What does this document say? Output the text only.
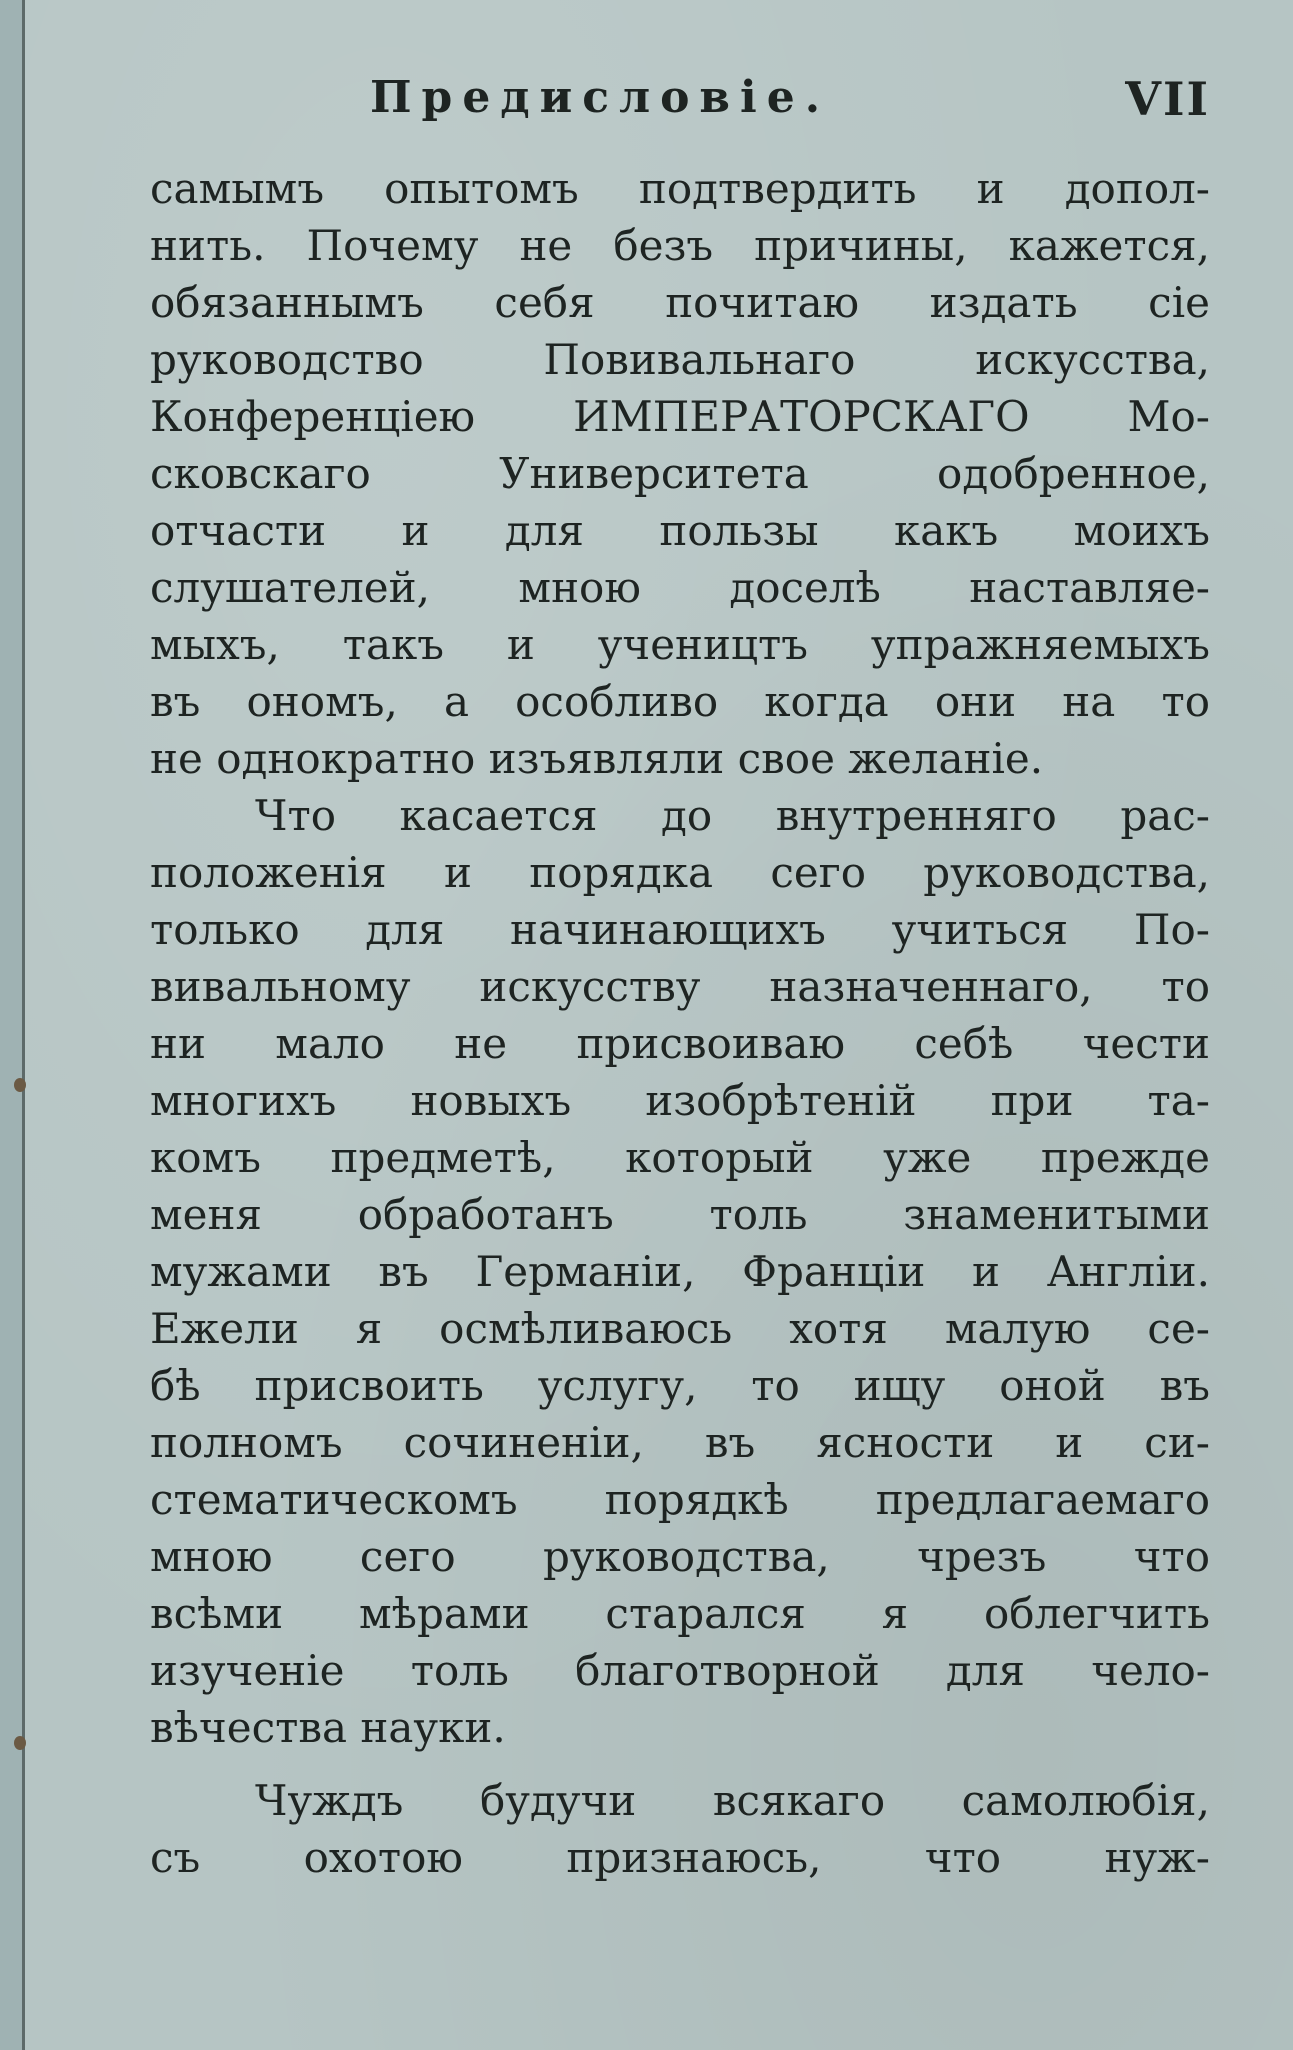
Предисловіе.	VII
самымъ опытомъ подтвердить и допол-
нить. Почему не безъ причины, кажется,
обязаннымъ себя почитаю издать сіе
руководство Повивальнаго искусства,
Конференціею ИМПЕРАТОРСКАГО Мо-
сковскаго Университета одобренное,
отчасти и для пользы какъ моихъ
слушателей, мною доселѣ наставляе-
мыхъ, такъ и учеництъ упражняемыхъ
въ ономъ, а особливо когда они на то
не однократно изъявляли свое желаніе.
Что касается до внутренняго рас-
положенія и порядка сего руководства,
только для начинающихъ учиться По-
вивальному искусству назначеннаго, то
ни мало не присвоиваю себѣ чести
многихъ новыхъ изобрѣтеній при та-
комъ предметѣ, который уже прежде
меня обработанъ толь знаменитыми
мужами въ Германіи, Франціи и Англіи.
Ежели я осмѣливаюсь хотя малую се-
бѣ присвоить услугу, то ищу оной въ
полномъ сочиненіи, въ ясности и си-
стематическомъ порядкѣ предлагаемаго
мною сего руководства, чрезъ что
всѣми мѣрами старался я облегчить
изученіе толь благотворной для чело-
вѣчества науки.
Чуждъ будучи всякаго самолюбія,
съ охотою признаюсь, что нуж-
